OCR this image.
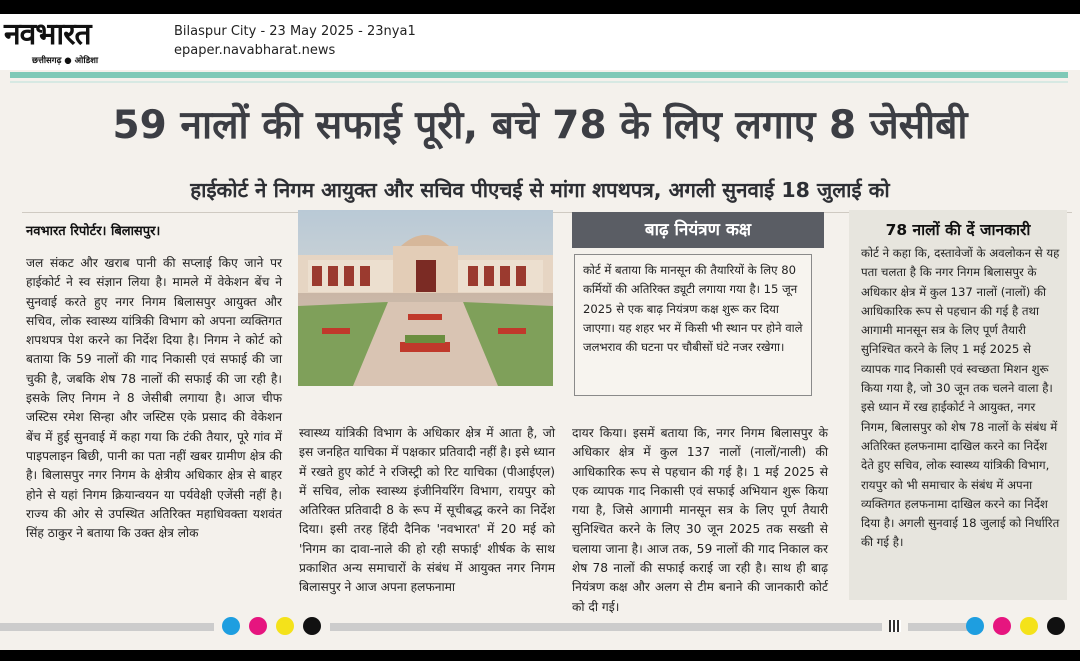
नवभारत
छत्तीसगढ़ ● ओडिशा
Bilaspur City - 23 May 2025 - 23nya1
epaper.navabharat.news
59 नालों की सफाई पूरी, बचे 78 के लिए लगाए 8 जेसीबी
हाईकोर्ट ने निगम आयुक्त और सचिव पीएचई से मांगा शपथपत्र, अगली सुनवाई 18 जुलाई को
नवभारत रिपोर्टर। बिलासपुर।

जल संकट और खराब पानी की सप्लाई किए जाने पर हाईकोर्ट ने स्व संज्ञान लिया है। मामले में वेकेशन बेंच ने सुनवाई करते हुए नगर निगम बिलासपुर आयुक्त और सचिव, लोक स्वास्थ्य यांत्रिकी विभाग को अपना व्यक्तिगत शपथपत्र पेश करने का निर्देश दिया है। निगम ने कोर्ट को बताया कि 59 नालों की गाद निकासी एवं सफाई की जा चुकी है, जबकि शेष 78 नालों की सफाई की जा रही है। इसके लिए निगम ने 8 जेसीबी लगाया है। आज चीफ जस्टिस रमेश सिन्हा और जस्टिस एके प्रसाद की वेकेशन बेंच में हुई सुनवाई में कहा गया कि टंकी तैयार, पूरे गांव में पाइपलाइन बिछी, पानी का पता नहीं खबर ग्रामीण क्षेत्र की है। बिलासपुर नगर निगम के क्षेत्रीय अधिकार क्षेत्र से बाहर होने से यहां निगम क्रियान्वयन या पर्यवेक्षी एजेंसी नहीं है। राज्य की ओर से उपस्थित अतिरिक्त महाधिवक्ता यशवंत सिंह ठाकुर ने बताया कि उक्त क्षेत्र लोक

स्वास्थ्य यांत्रिकी विभाग के अधिकार क्षेत्र में आता है, जो इस जनहित याचिका में पक्षकार प्रतिवादी नहीं है। इसे ध्यान में रखते हुए कोर्ट ने रजिस्ट्री को रिट याचिका (पीआईएल) में सचिव, लोक स्वास्थ्य इंजीनियरिंग विभाग, रायपुर को अतिरिक्त प्रतिवादी 8 के रूप में सूचीबद्ध करने का निर्देश दिया। इसी तरह हिंदी दैनिक 'नवभारत' में 20 मई को 'निगम का दावा-नाले की हो रही सफाई' शीर्षक के साथ प्रकाशित अन्य समाचारों के संबंध में आयुक्त नगर निगम बिलासपुर ने आज अपना हलफनामा

बाढ़ नियंत्रण कक्ष
कोर्ट में बताया कि मानसून की तैयारियों के लिए 80 कर्मियों की अतिरिक्त ड्यूटी लगाया गया है। 15 जून 2025 से एक बाढ़ नियंत्रण कक्ष शुरू कर दिया जाएगा। यह शहर भर में किसी भी स्थान पर होने वाले जलभराव की घटना पर चौबीसों घंटे नजर रखेगा।

दायर किया। इसमें बताया कि, नगर निगम बिलासपुर के अधिकार क्षेत्र में कुल 137 नालों (नालों/नाली) की आधिकारिक रूप से पहचान की गई है। 1 मई 2025 से एक व्यापक गाद निकासी एवं सफाई अभियान शुरू किया गया है, जिसे आगामी मानसून सत्र के लिए पूर्ण तैयारी सुनिश्चित करने के लिए 30 जून 2025 तक सख्ती से चलाया जाना है। आज तक, 59 नालों की गाद निकाल कर शेष 78 नालों की सफाई कराई जा रही है। साथ ही बाढ़ नियंत्रण कक्ष और अलग से टीम बनाने की जानकारी कोर्ट को दी गई।

78 नालों की दें जानकारी

कोर्ट ने कहा कि, दस्तावेजों के अवलोकन से यह पता चलता है कि नगर निगम बिलासपुर के अधिकार क्षेत्र में कुल 137 नालों (नालों) की आधिकारिक रूप से पहचान की गई है तथा आगामी मानसून सत्र के लिए पूर्ण तैयारी सुनिश्चित करने के लिए 1 मई 2025 से व्यापक गाद निकासी एवं स्वच्छता मिशन शुरू किया गया है, जो 30 जून तक चलने वाला है। इसे ध्यान में रख हाईकोर्ट ने आयुक्त, नगर निगम, बिलासपुर को शेष 78 नालों के संबंध में अतिरिक्त हलफनामा दाखिल करने का निर्देश देते हुए सचिव, लोक स्वास्थ्य यांत्रिकी विभाग, रायपुर को भी समाचार के संबंध में अपना व्यक्तिगत हलफनामा दाखिल करने का निर्देश दिया है। अगली सुनवाई 18 जुलाई को निर्धारित की गई है।
